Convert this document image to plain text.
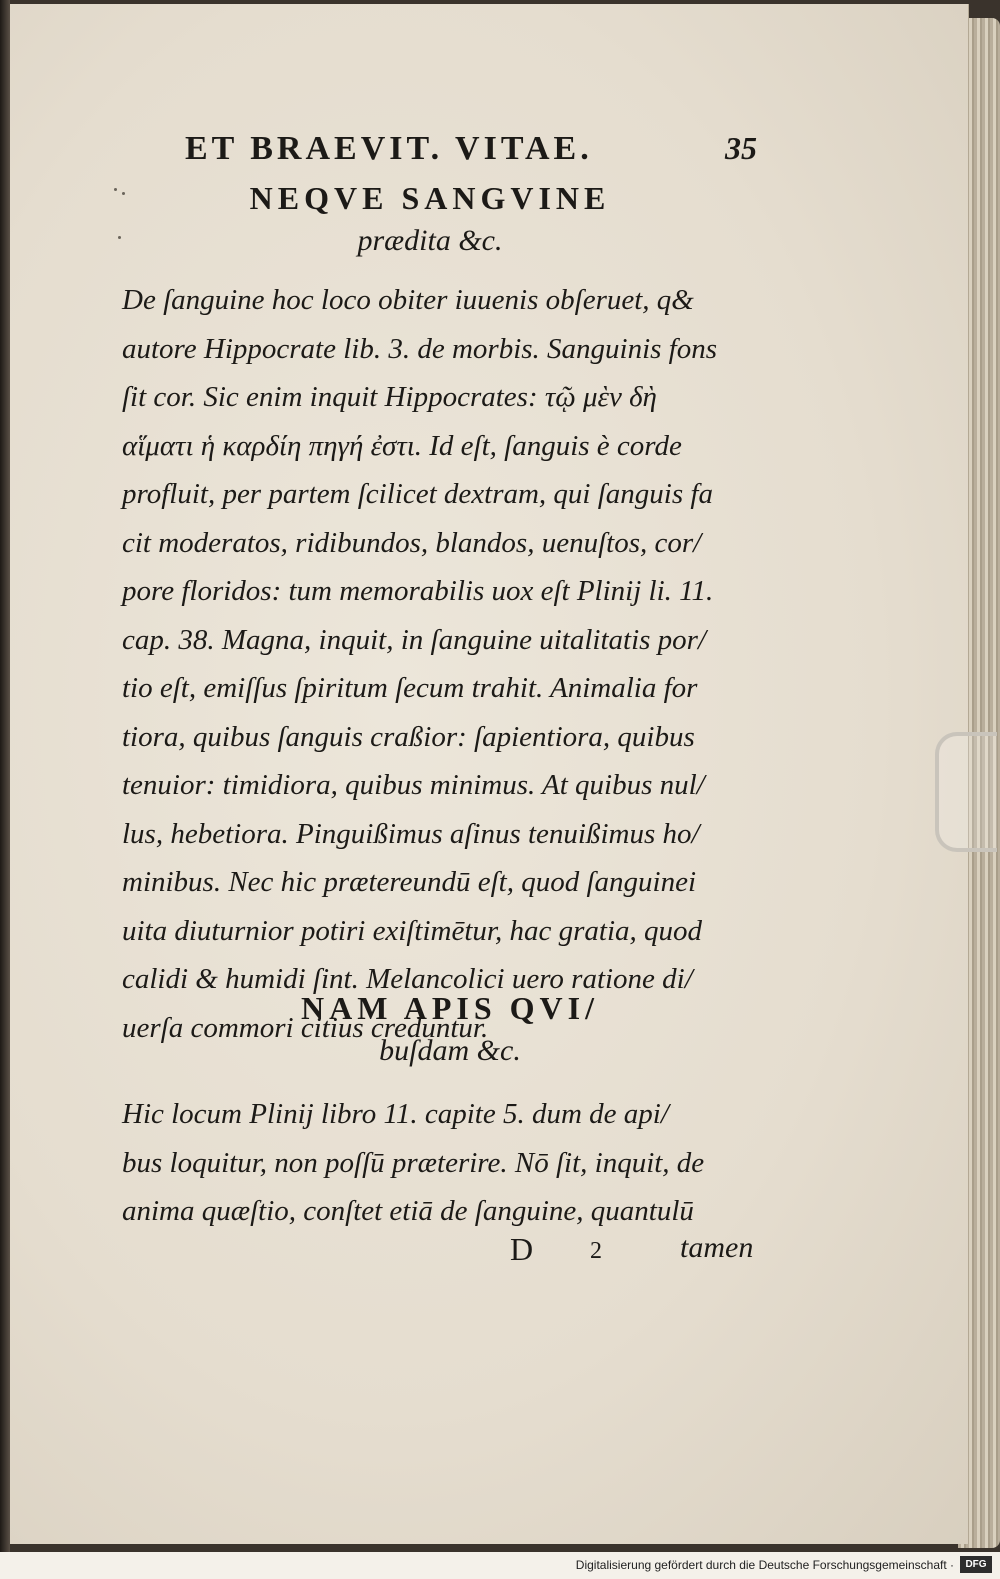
ET BRAEVIT. VITAE.	35
NEQVE SANGVINE
prædita &c.
De ſanguine hoc loco obiter iuuenis obſeruet, q&
autore Hippocrate lib. 3. de morbis. Sanguinis fons
ſit cor. Sic enim inquit Hippocrates: τῷ μὲν δὴ
αἵματι ἡ καρδίη πηγή ἐστι. Id eſt, ſanguis è corde
profluit, per partem ſcilicet dextram, qui ſanguis fa
cit moderatos, ridibundos, blandos, uenuſtos, cor/
pore floridos: tum memorabilis uox eſt Plinij li. 11.
cap. 38. Magna, inquit, in ſanguine uitalitatis por/
tio eſt, emiſſus ſpiritum ſecum trahit. Animalia for
tiora, quibus ſanguis craßior: ſapientiora, quibus
tenuior: timidiora, quibus minimus. At quibus nul/
lus, hebetiora. Pinguißimus aſinus tenuißimus ho/
minibus. Nec hic prætereundū eſt, quod ſanguinei
uita diuturnior potiri exiſtimētur, hac gratia, quod
calidi & humidi ſint. Melancolici uero ratione di/
uerſa commori citius creduntur.
NAM APIS QVI/
buſdam &c.
Hic locum Plinij libro 11. capite 5. dum de api/
bus loquitur, non poſſū præterire. Nō ſit, inquit, de
anima quæſtio, conſtet etiā de ſanguine, quantulū
D	2	tamen
Digitalisierung gefördert durch die Deutsche Forschungsgemeinschaft ·	DFG
